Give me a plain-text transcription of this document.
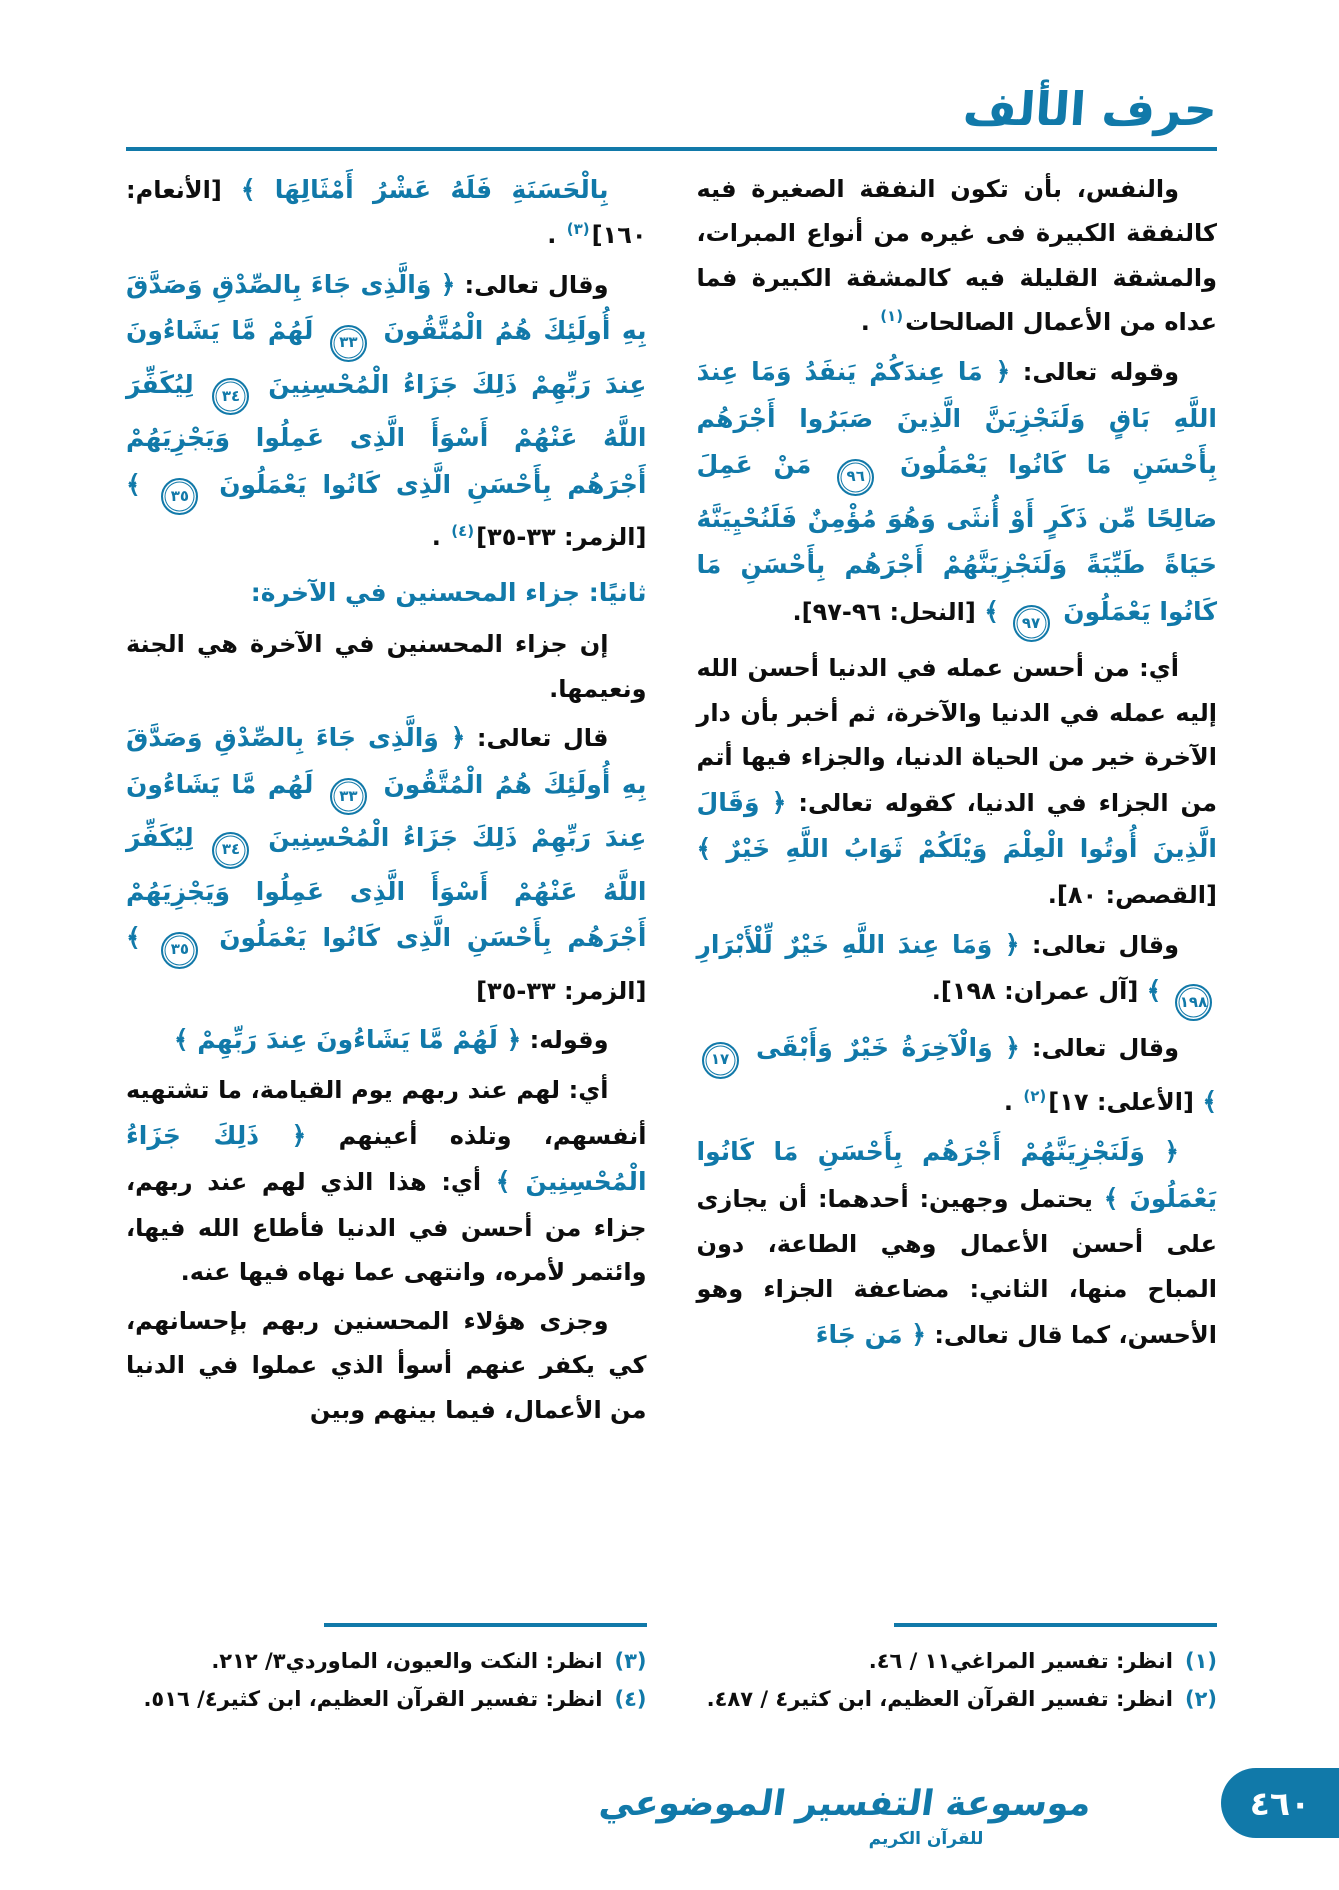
حرف الألف
والنفس، بأن تكون النفقة الصغيرة فيه كالنفقة الكبيرة فى غيره من أنواع المبرات، والمشقة القليلة فيه كالمشقة الكبيرة فما عداه من الأعمال الصالحات$^{(١)}$ .
وقوله تعالى: ﴿ مَا عِندَكُمْ يَنفَدُ وَمَا عِندَ اللَّهِ بَاقٍ وَلَنَجْزِيَنَّ الَّذِينَ صَبَرُوا أَجْرَهُم بِأَحْسَنِ مَا كَانُوا يَعْمَلُونَ ٩٦ مَنْ عَمِلَ صَالِحًا مِّن ذَكَرٍ أَوْ أُنثَى وَهُوَ مُؤْمِنٌ فَلَنُحْيِيَنَّهُ حَيَاةً طَيِّبَةً وَلَنَجْزِيَنَّهُمْ أَجْرَهُم بِأَحْسَنِ مَا كَانُوا يَعْمَلُونَ ٩٧ ﴾ [النحل: ٩٦-٩٧].
أي: من أحسن عمله في الدنيا أحسن الله إليه عمله في الدنيا والآخرة، ثم أخبر بأن دار الآخرة خير من الحياة الدنيا، والجزاء فيها أتم من الجزاء في الدنيا، كقوله تعالى: ﴿ وَقَالَ الَّذِينَ أُوتُوا الْعِلْمَ وَيْلَكُمْ ثَوَابُ اللَّهِ خَيْرٌ ﴾ [القصص: ٨٠].
وقال تعالى: ﴿ وَمَا عِندَ اللَّهِ خَيْرٌ لِّلْأَبْرَارِ ١٩٨ ﴾ [آل عمران: ١٩٨].
وقال تعالى: ﴿ وَالْآخِرَةُ خَيْرٌ وَأَبْقَى ١٧ ﴾ [الأعلى: ١٧]$^{(٢)}$ .
﴿ وَلَنَجْزِيَنَّهُمْ أَجْرَهُم بِأَحْسَنِ مَا كَانُوا يَعْمَلُونَ ﴾ يحتمل وجهين: أحدهما: أن يجازى على أحسن الأعمال وهي الطاعة، دون المباح منها، الثاني: مضاعفة الجزاء وهو الأحسن، كما قال تعالى: ﴿ مَن جَاءَ
(١)
انظر: تفسير المراغي١١ / ٤٦.
(٢)
انظر: تفسير القرآن العظيم، ابن كثير٤ / ٤٨٧.
بِالْحَسَنَةِ فَلَهُ عَشْرُ أَمْثَالِهَا ﴾ [الأنعام: ١٦٠]$^{(٣)}$ .
وقال تعالى: ﴿ وَالَّذِى جَاءَ بِالصِّدْقِ وَصَدَّقَ بِهِ أُولَئِكَ هُمُ الْمُتَّقُونَ ٣٣ لَهُمْ مَّا يَشَاءُونَ عِندَ رَبِّهِمْ ذَلِكَ جَزَاءُ الْمُحْسِنِينَ ٣٤ لِيُكَفِّرَ اللَّهُ عَنْهُمْ أَسْوَأَ الَّذِى عَمِلُوا وَيَجْزِيَهُمْ أَجْرَهُم بِأَحْسَنِ الَّذِى كَانُوا يَعْمَلُونَ ٣٥ ﴾ [الزمر: ٣٣-٣٥]$^{(٤)}$ .
ثانيًا: جزاء المحسنين في الآخرة:
إن جزاء المحسنين في الآخرة هي الجنة ونعيمها.
قال تعالى: ﴿ وَالَّذِى جَاءَ بِالصِّدْقِ وَصَدَّقَ بِهِ أُولَئِكَ هُمُ الْمُتَّقُونَ ٣٣ لَهُم مَّا يَشَاءُونَ عِندَ رَبِّهِمْ ذَلِكَ جَزَاءُ الْمُحْسِنِينَ ٣٤ لِيُكَفِّرَ اللَّهُ عَنْهُمْ أَسْوَأَ الَّذِى عَمِلُوا وَيَجْزِيَهُمْ أَجْرَهُم بِأَحْسَنِ الَّذِى كَانُوا يَعْمَلُونَ ٣٥ ﴾ [الزمر: ٣٣-٣٥]
وقوله: ﴿ لَهُمْ مَّا يَشَاءُونَ عِندَ رَبِّهِمْ ﴾
أي: لهم عند ربهم يوم القيامة، ما تشتهيه أنفسهم، وتلذه أعينهم ﴿ ذَلِكَ جَزَاءُ الْمُحْسِنِينَ ﴾ أي: هذا الذي لهم عند ربهم، جزاء من أحسن في الدنيا فأطاع الله فيها، وائتمر لأمره، وانتهى عما نهاه فيها عنه.
وجزى هؤلاء المحسنين ربهم بإحسانهم، كي يكفر عنهم أسوأ الذي عملوا في الدنيا من الأعمال، فيما بينهم وبين
(٣)
انظر: النكت والعيون، الماوردي٣/ ٢١٢.
(٤)
انظر: تفسير القرآن العظيم، ابن كثير٤/ ٥١٦.
موسوعة التفسير الموضوعي
للقرآن الكريم
٤٦٠
